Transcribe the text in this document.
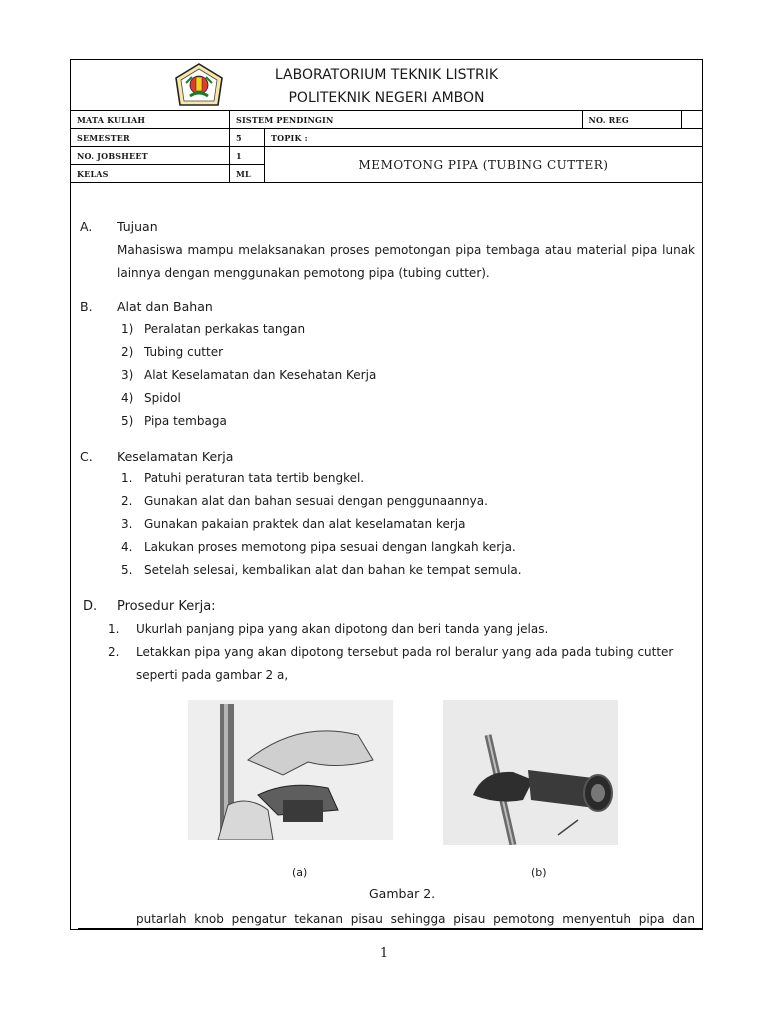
LABORATORIUM TEKNIK LISTRIK
POLITEKNIK NEGERI AMBON
MATA KULIAH	SISTEM PENDINGIN		NO. REG	
SEMESTER	5	TOPIK :		
NO. JOBSHEET	1	MEMOTONG PIPA (TUBING CUTTER)		
KELAS	ML			
A. Tujuan
Mahasiswa mampu melaksanakan proses pemotongan pipa tembaga atau material pipa lunak lainnya dengan menggunakan pemotong pipa (tubing cutter).
B. Alat dan Bahan
1) Peralatan perkakas tangan
2) Tubing cutter
3) Alat Keselamatan dan Kesehatan Kerja
4) Spidol
5) Pipa tembaga
C. Keselamatan Kerja
1. Patuhi peraturan tata tertib bengkel.
2. Gunakan alat dan bahan sesuai dengan penggunaannya.
3. Gunakan pakaian praktek dan alat keselamatan kerja
4. Lakukan proses memotong pipa sesuai dengan langkah kerja.
5. Setelah selesai, kembalikan alat dan bahan ke tempat semula.
D. Prosedur Kerja:
1. Ukurlah panjang pipa yang akan dipotong dan beri tanda yang jelas.
2. Letakkan pipa yang akan dipotong tersebut pada rol beralur yang ada pada tubing cutter
seperti pada gambar 2 a,
(a)	(b)
Gambar 2.
putarlah knob pengatur tekanan pisau sehingga pisau pemotong menyentuh pipa dan
1
